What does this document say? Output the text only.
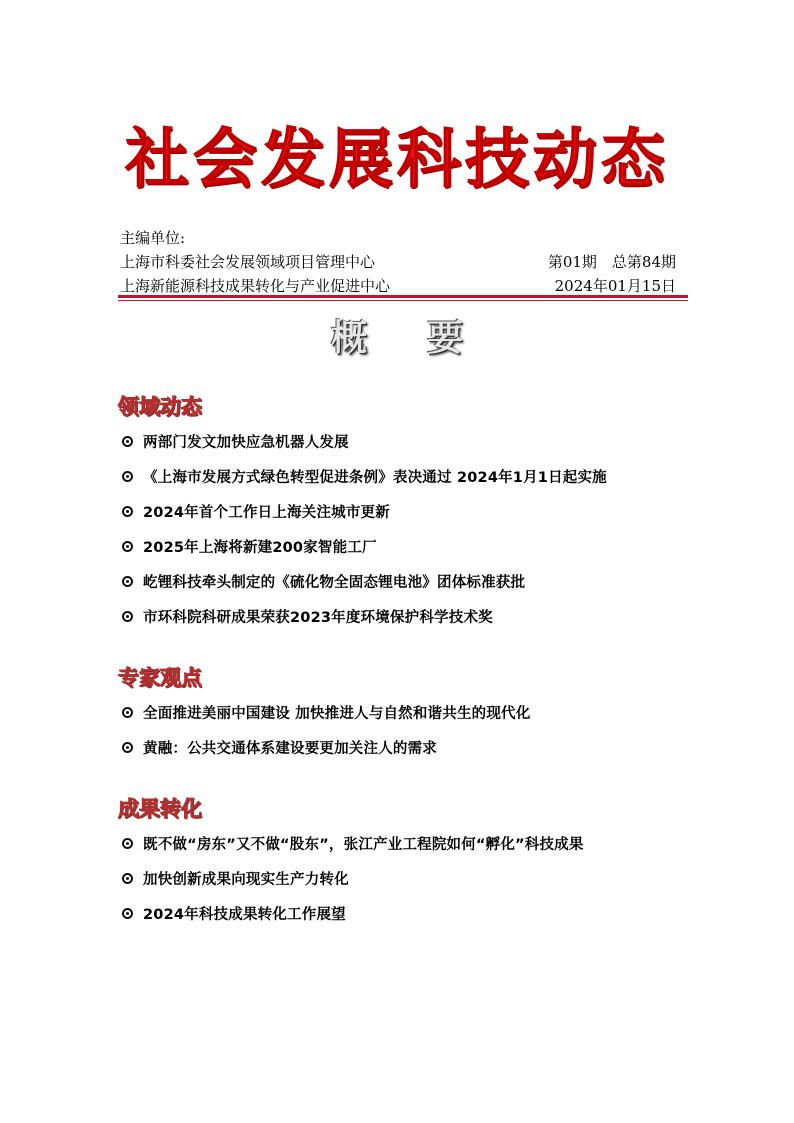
社会发展科技动态
主编单位:
上海市科委社会发展领域项目管理中心	第01期　总第84期
上海新能源科技成果转化与产业促进中心	2024年01月15日
概要
领域动态
两部门发文加快应急机器人发展
《上海市发展方式绿色转型促进条例》表决通过 2024年1月1日起实施
2024年首个工作日上海关注城市更新
2025年上海将新建200家智能工厂
屹锂科技牵头制定的《硫化物全固态锂电池》团体标准获批
市环科院科研成果荣获2023年度环境保护科学技术奖
专家观点
全面推进美丽中国建设 加快推进人与自然和谐共生的现代化
黄融：公共交通体系建设要更加关注人的需求
成果转化
既不做“房东”又不做“股东”，张江产业工程院如何“孵化”科技成果
加快创新成果向现实生产力转化
2024年科技成果转化工作展望
